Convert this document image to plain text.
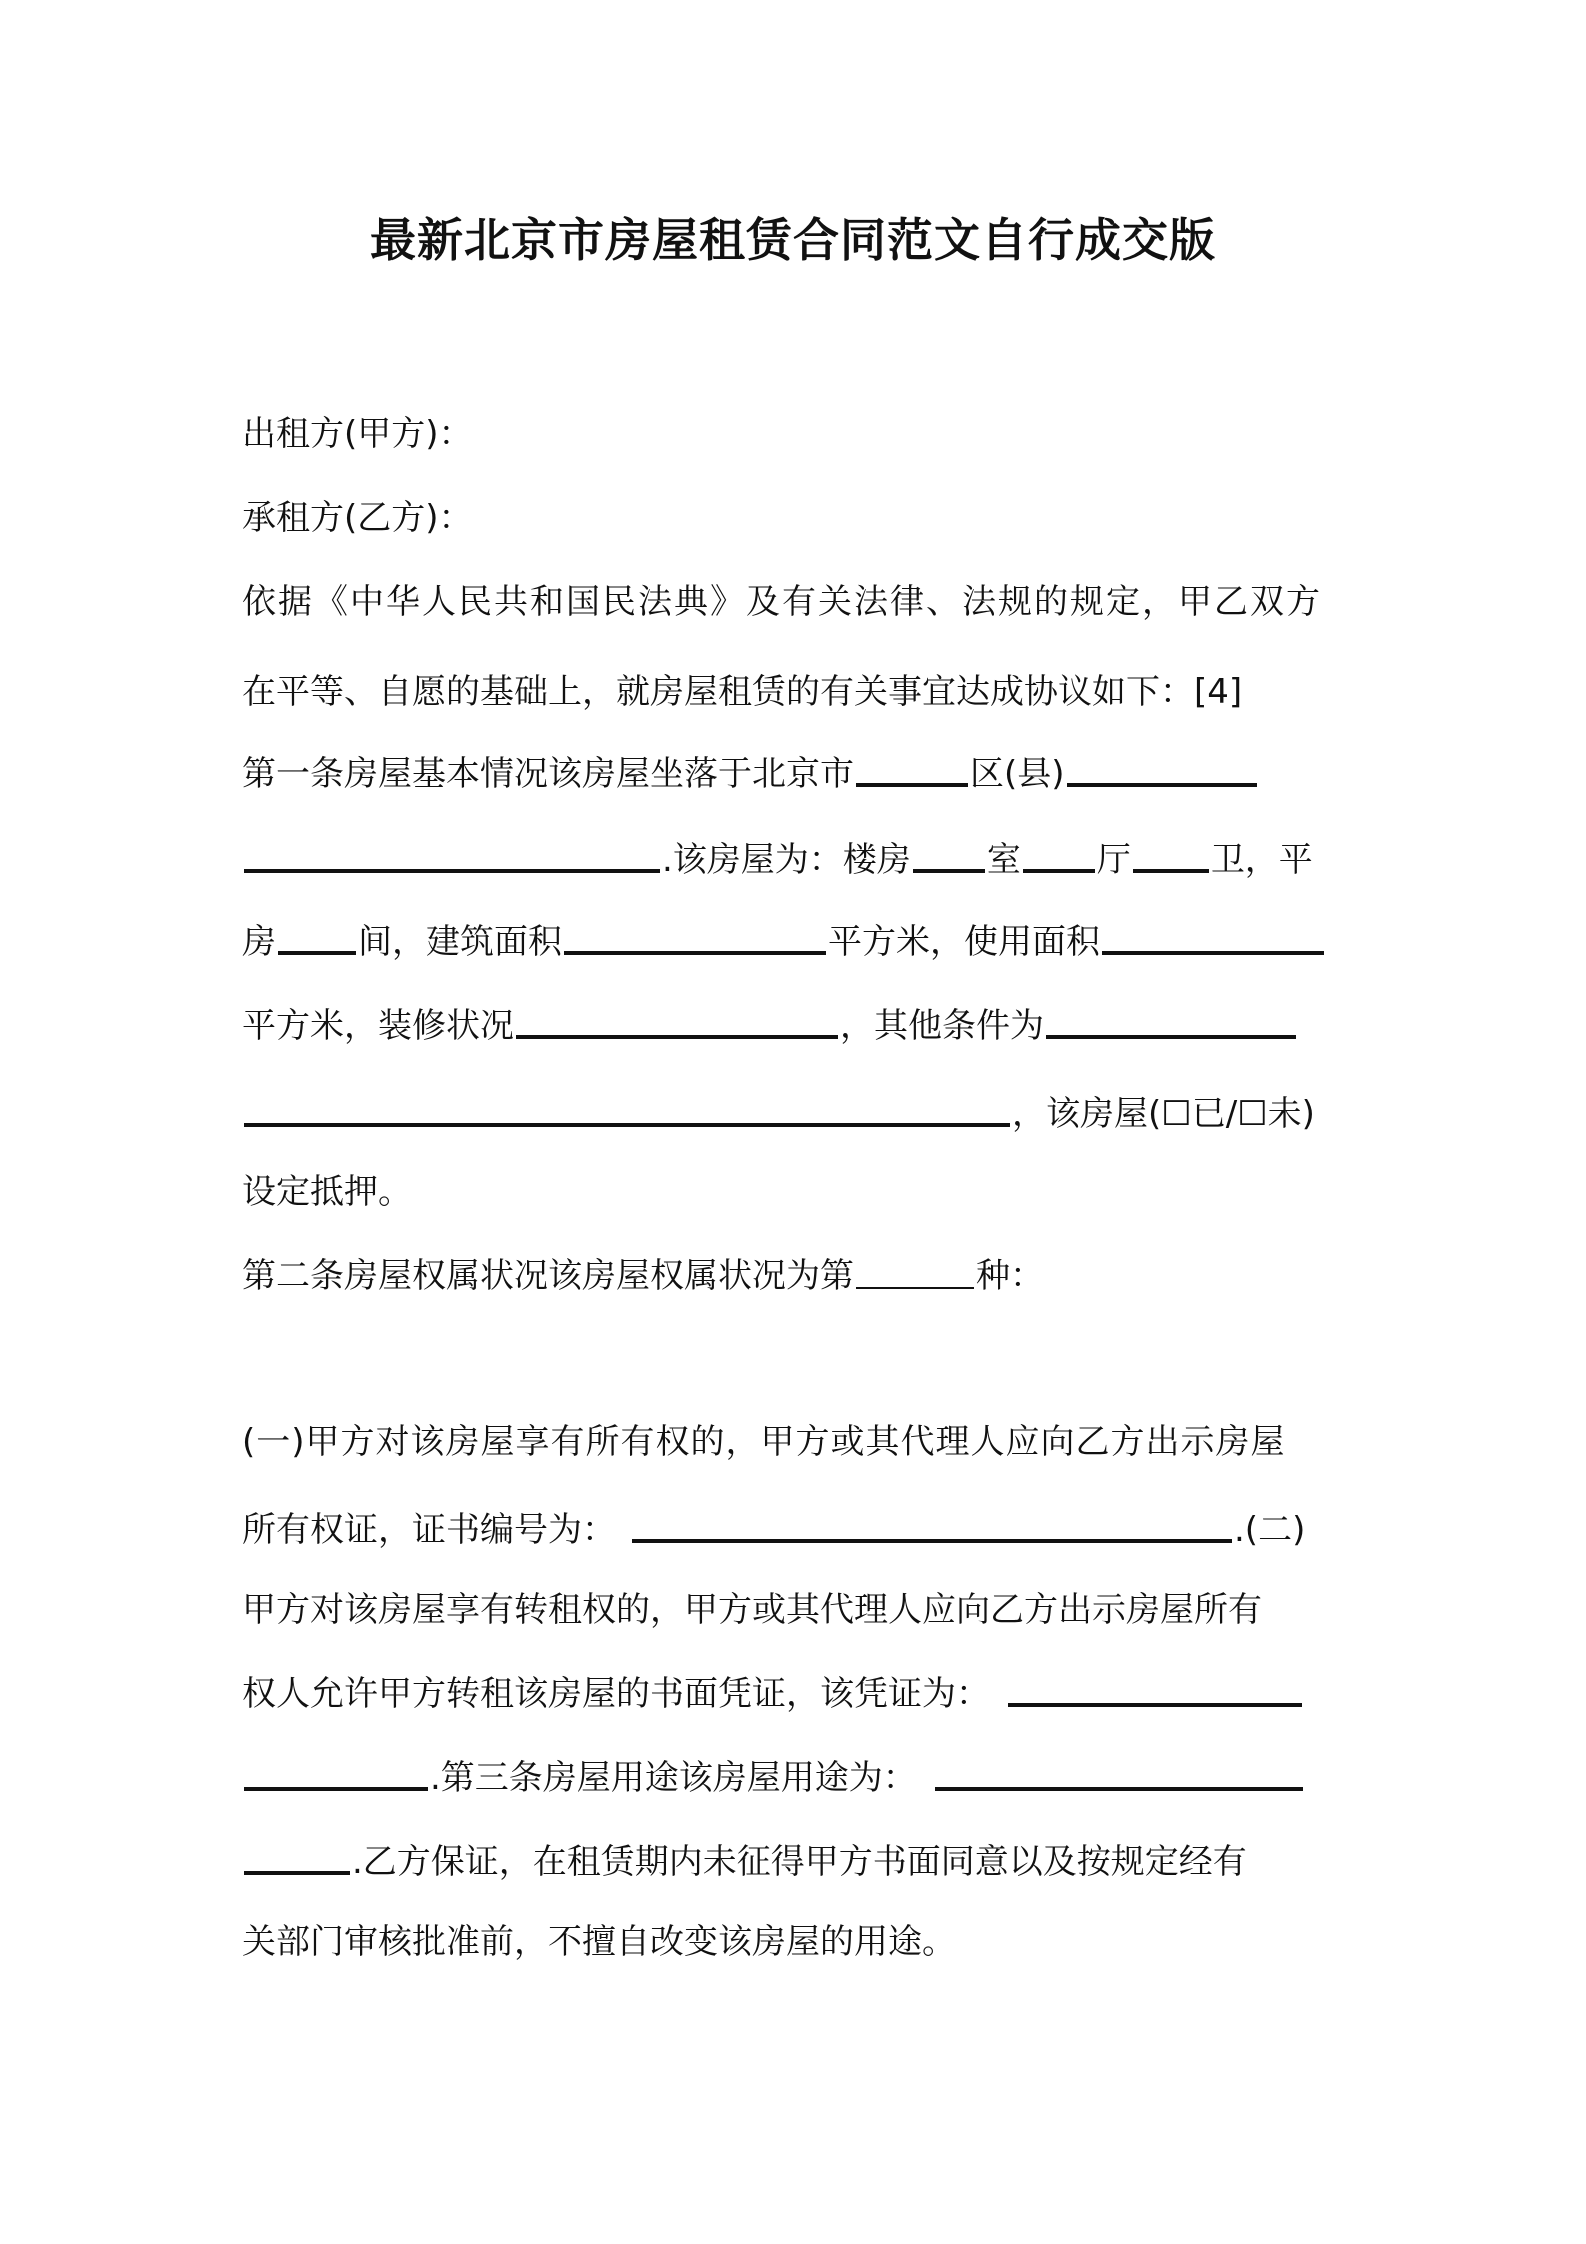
最新北京市房屋租赁合同范文自行成交版
出租方(甲方)：
承租方(乙方)：
依据《中华人民共和国民法典》及有关法律、法规的规定，甲乙双方
在平等、自愿的基础上，就房屋租赁的有关事宜达成协议如下：[4]
第一条房屋基本情况该房屋坐落于北京市	区(县)
.该房屋为：楼房 室 厅 卫，平
房 间，建筑面积	平方米，使用面积
平方米，装修状况	，其他条件为
，该房屋(☐已/☐未)
设定抵押。
第二条房屋权属状况该房屋权属状况为第	种：
(一)甲方对该房屋享有所有权的，甲方或其代理人应向乙方出示房屋
所有权证，证书编号为：	.(二)
甲方对该房屋享有转租权的，甲方或其代理人应向乙方出示房屋所有
权人允许甲方转租该房屋的书面凭证，该凭证为：
.第三条房屋用途该房屋用途为：
.乙方保证，在租赁期内未征得甲方书面同意以及按规定经有
关部门审核批准前，不擅自改变该房屋的用途。
